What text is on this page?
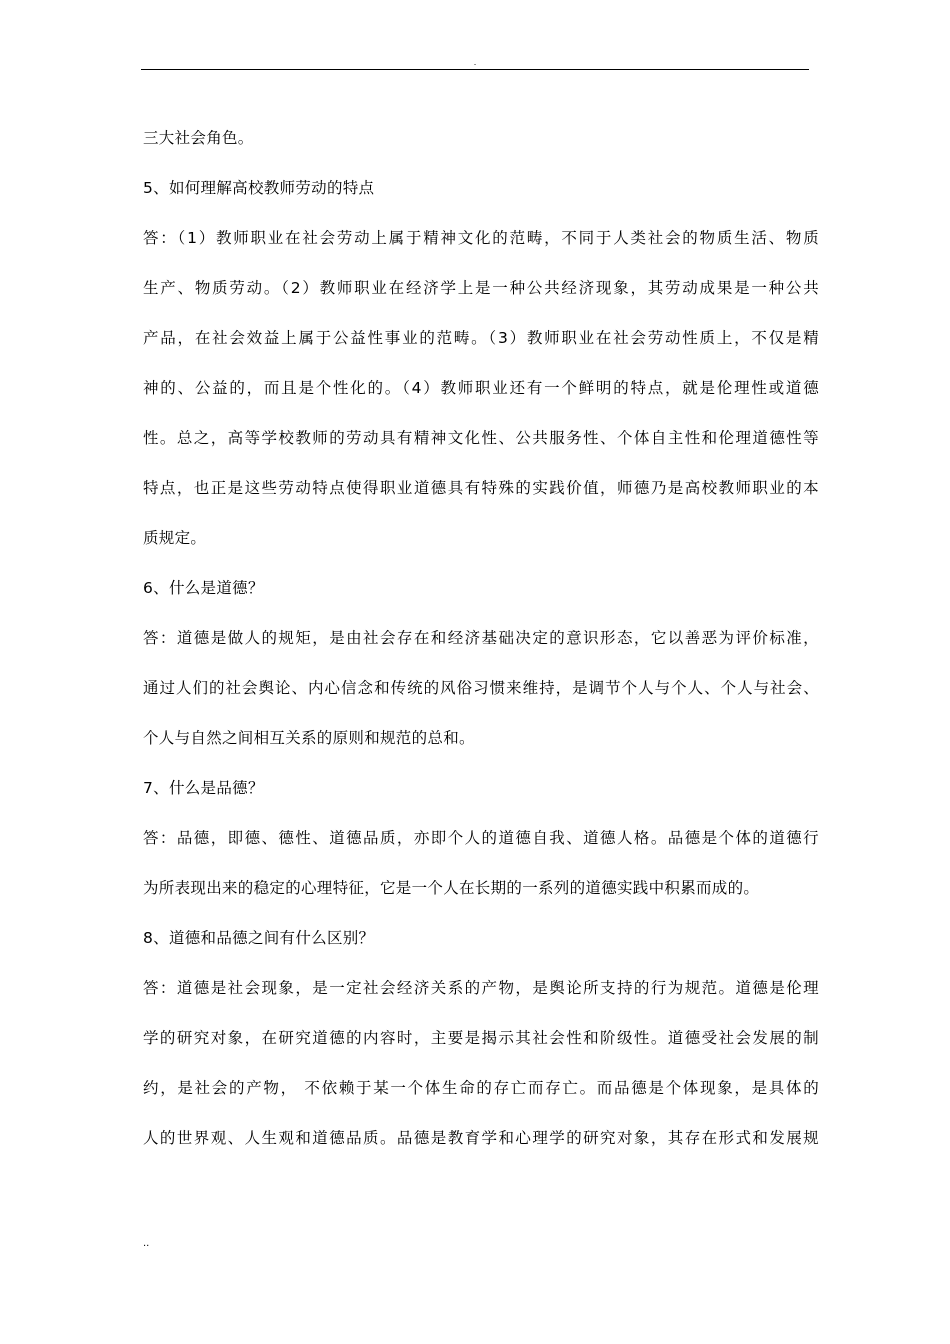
.
三大社会角色。
5、如何理解高校教师劳动的特点
答：（1）教师职业在社会劳动上属于精神文化的范畴，不同于人类社会的物质生活、物质
生产、物质劳动。（2）教师职业在经济学上是一种公共经济现象，其劳动成果是一种公共
产品，在社会效益上属于公益性事业的范畴。（3）教师职业在社会劳动性质上，不仅是精
神的、公益的，而且是个性化的。（4）教师职业还有一个鲜明的特点，就是伦理性或道德
性。总之，高等学校教师的劳动具有精神文化性、公共服务性、个体自主性和伦理道德性等
特点，也正是这些劳动特点使得职业道德具有特殊的实践价值，师德乃是高校教师职业的本
质规定。
6、什么是道德？
答：道德是做人的规矩，是由社会存在和经济基础决定的意识形态，它以善恶为评价标准，
通过人们的社会舆论、内心信念和传统的风俗习惯来维持，是调节个人与个人、个人与社会、
个人与自然之间相互关系的原则和规范的总和。
7、什么是品德？
答：品德，即德、德性、道德品质，亦即个人的道德自我、道德人格。品德是个体的道德行
为所表现出来的稳定的心理特征，它是一个人在长期的一系列的道德实践中积累而成的。
8、道德和品德之间有什么区别？
答：道德是社会现象，是一定社会经济关系的产物，是舆论所支持的行为规范。道德是伦理
学的研究对象，在研究道德的内容时，主要是揭示其社会性和阶级性。道德受社会发展的制
约，是社会的产物， 不依赖于某一个体生命的存亡而存亡。而品德是个体现象，是具体的
人的世界观、人生观和道德品质。品德是教育学和心理学的研究对象，其存在形式和发展规
..
